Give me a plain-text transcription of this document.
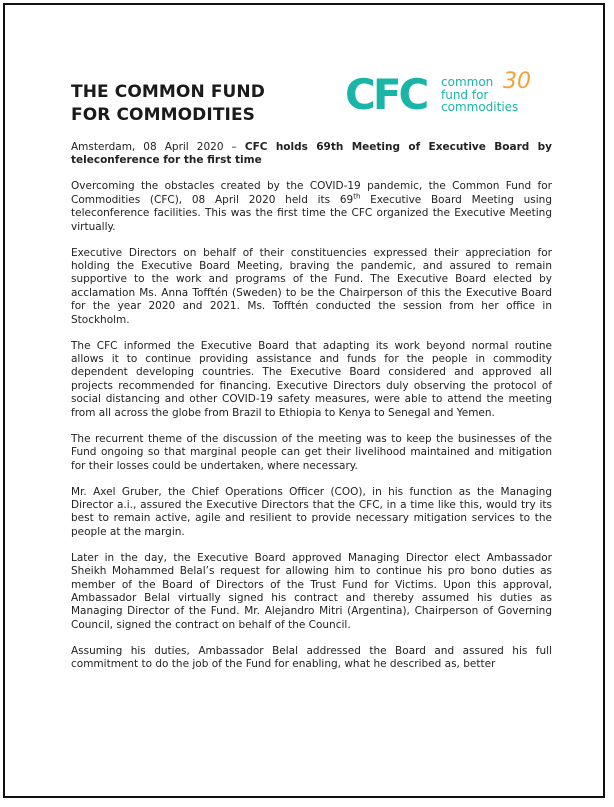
THE COMMON FUND
FOR COMMODITIES CFC common
fund for
commodities
30

Amsterdam, 08 April 2020 – CFC holds 69th Meeting of Executive Board by teleconference for the first time

Overcoming the obstacles created by the COVID-19 pandemic, the Common Fund for Commodities (CFC), 08 April 2020 held its 69th Executive Board Meeting using teleconference facilities. This was the first time the CFC organized the Executive Meeting virtually.

Executive Directors on behalf of their constituencies expressed their appreciation for holding the Executive Board Meeting, braving the pandemic, and assured to remain supportive to the work and programs of the Fund. The Executive Board elected by acclamation Ms. Anna Tofftén (Sweden) to be the Chairperson of this the Executive Board for the year 2020 and 2021. Ms. Tofftén conducted the session from her office in Stockholm.

The CFC informed the Executive Board that adapting its work beyond normal routine allows it to continue providing assistance and funds for the people in commodity dependent developing countries. The Executive Board considered and approved all projects recommended for financing. Executive Directors duly observing the protocol of social distancing and other COVID-19 safety measures, were able to attend the meeting from all across the globe from Brazil to Ethiopia to Kenya to Senegal and Yemen.

The recurrent theme of the discussion of the meeting was to keep the businesses of the Fund ongoing so that marginal people can get their livelihood maintained and mitigation for their losses could be undertaken, where necessary.

Mr. Axel Gruber, the Chief Operations Officer (COO), in his function as the Managing Director a.i., assured the Executive Directors that the CFC, in a time like this, would try its best to remain active, agile and resilient to provide necessary mitigation services to the people at the margin.

Later in the day, the Executive Board approved Managing Director elect Ambassador Sheikh Mohammed Belal’s request for allowing him to continue his pro bono duties as member of the Board of Directors of the Trust Fund for Victims. Upon this approval, Ambassador Belal virtually signed his contract and thereby assumed his duties as Managing Director of the Fund. Mr. Alejandro Mitri (Argentina), Chairperson of Governing Council, signed the contract on behalf of the Council.

Assuming his duties, Ambassador Belal addressed the Board and assured his full commitment to do the job of the Fund for enabling, what he described as, better
